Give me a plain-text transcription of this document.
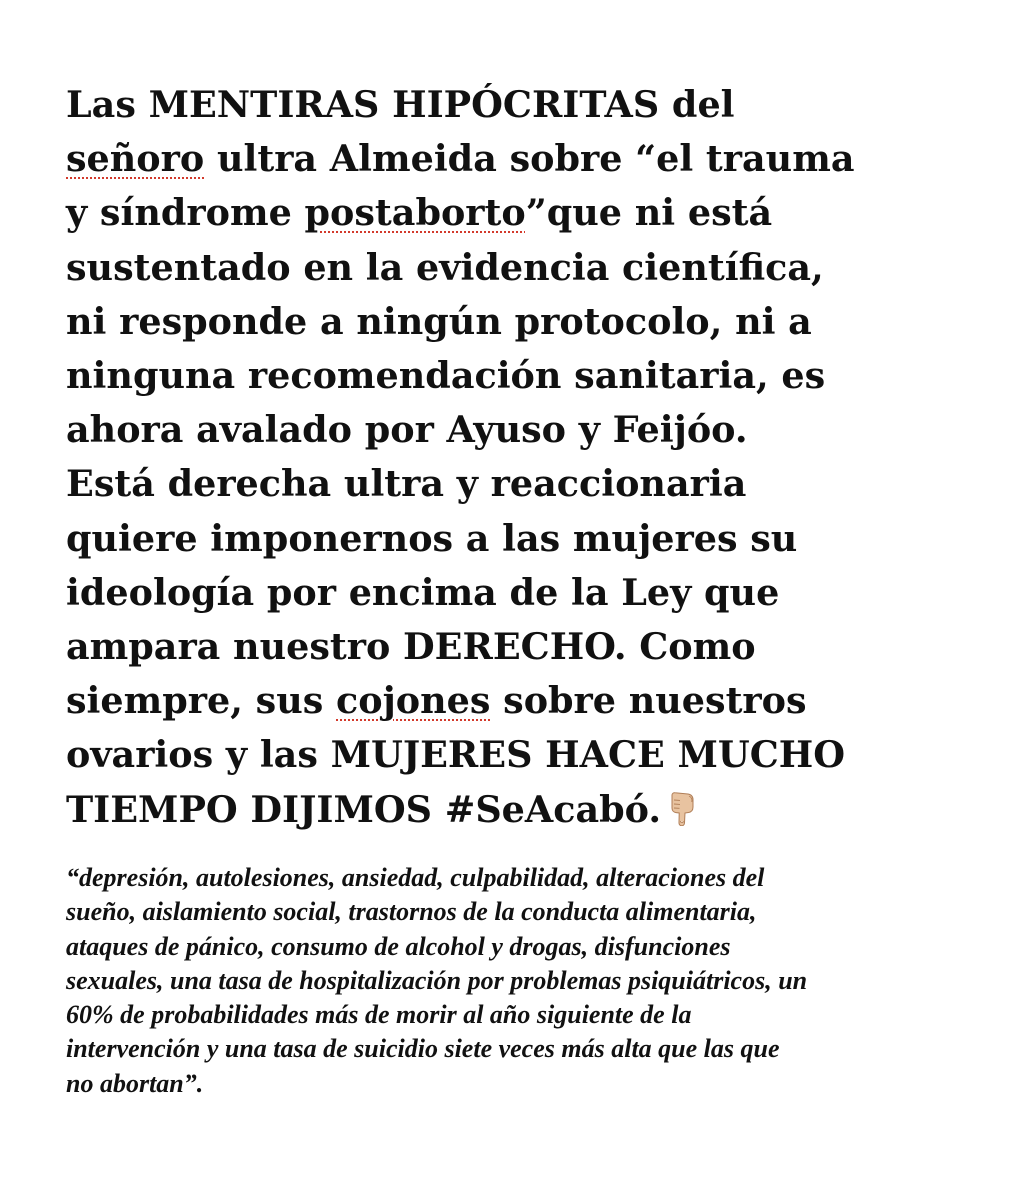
Las MENTIRAS HIPÓCRITAS del
señoro ultra Almeida sobre “el trauma
y síndrome postaborto”que ni está
sustentado en la evidencia científica,
ni responde a ningún protocolo, ni a
ninguna recomendación sanitaria, es
ahora avalado por Ayuso y Feijóo.
Está derecha ultra y reaccionaria
quiere imponernos a las mujeres su
ideología por encima de la Ley que
ampara nuestro DERECHO. Como
siempre, sus cojones sobre nuestros
ovarios y las MUJERES HACE MUCHO
TIEMPO DIJIMOS #SeAcabó.

“depresión, autolesiones, ansiedad, culpabilidad, alteraciones del
sueño, aislamiento social, trastornos de la conducta alimentaria,
ataques de pánico, consumo de alcohol y drogas, disfunciones
sexuales, una tasa de hospitalización por problemas psiquiátricos, un
60% de probabilidades más de morir al año siguiente de la
intervención y una tasa de suicidio siete veces más alta que las que
no abortan”.
